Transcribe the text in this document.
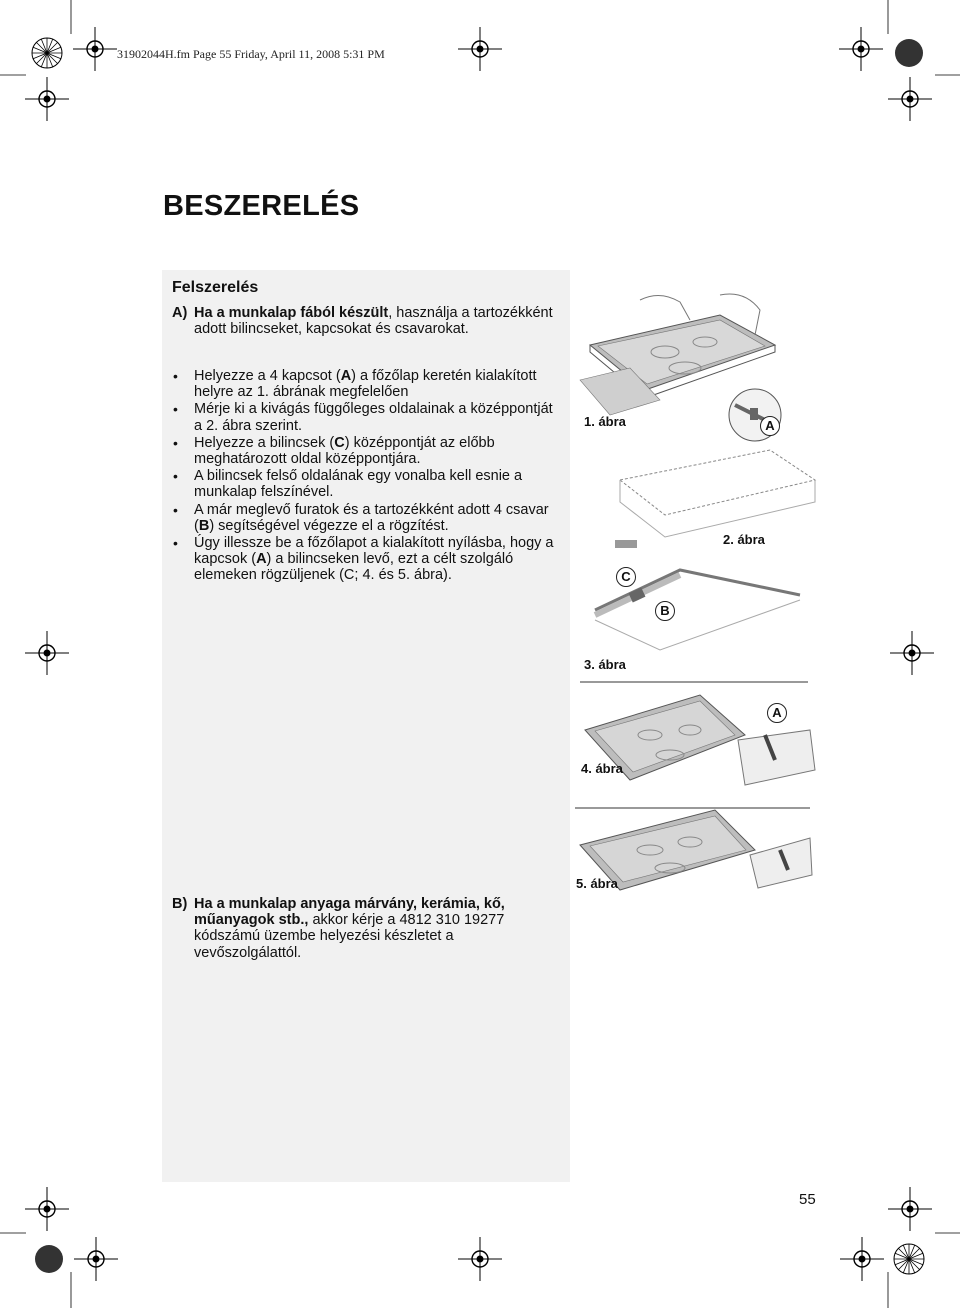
31902044H.fm Page 55 Friday, April 11, 2008 5:31 PM
BESZERELÉS
Felszerelés
A) Ha a munkalap fából készült, használja a tartozékként adott bilincseket, kapcsokat és csavarokat.
• Helyezze a 4 kapcsot (A) a főzőlap keretén kialakított helyre az 1. ábrának megfelelően
• Mérje ki a kivágás függőleges oldalainak a középpontját a 2. ábra szerint.
• Helyezze a bilincsek (C) középpontját az előbb meghatározott oldal középpontjára.
• A bilincsek felső oldalának egy vonalba kell esnie a munkalap felszínével.
• A már meglevő furatok és a tartozékként adott 4 csavar (B) segítségével végezze el a rögzítést.
• Úgy illessze be a főzőlapot a kialakított nyílásba, hogy a kapcsok (A) a bilincseken levő, ezt a célt szolgáló elemeken rögzüljenek (C; 4. és 5. ábra).
B) Ha a munkalap anyaga márvány, kerámia, kő, műanyagok stb., akkor kérje a 4812 310 19277 kódszámú üzembe helyezési készletet a vevőszolgálattól.
1. ábra	A
2. ábra
C
B
3. ábra
A
4. ábra
5. ábra
55
